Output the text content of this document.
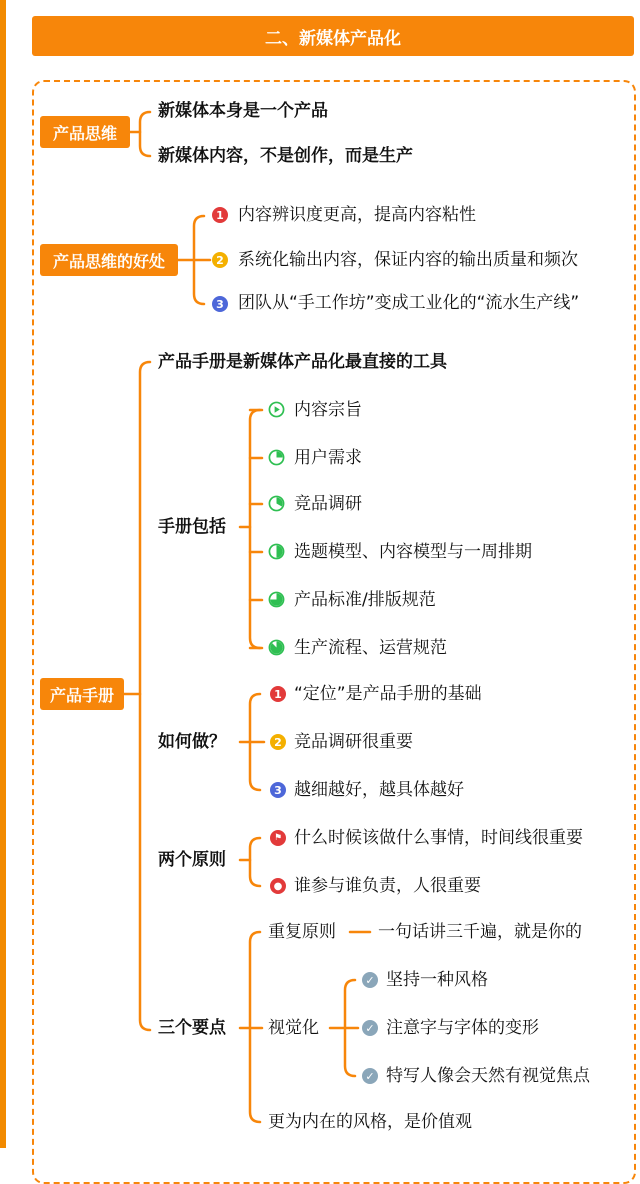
二、新媒体产品化
产品思维
新媒体本身是一个产品
新媒体内容，不是创作，而是生产
产品思维的好处
1 内容辨识度更高，提高内容粘性
2 系统化输出内容，保证内容的输出质量和频次
3 团队从“手工作坊”变成工业化的“流水生产线”
产品手册
产品手册是新媒体产品化最直接的工具
手册包括
内容宗旨
用户需求
竞品调研
选题模型、内容模型与一周排期
产品标准/排版规范
生产流程、运营规范
如何做？
1 “定位”是产品手册的基础
2 竞品调研很重要
3 越细越好，越具体越好
两个原则
⚑ 什么时候该做什么事情，时间线很重要
● 谁参与谁负责，人很重要
三个要点
重复原则 一句话讲三千遍，就是你的
视觉化
✓ 坚持一种风格
✓ 注意字与字体的变形
✓ 特写人像会天然有视觉焦点
更为内在的风格，是价值观
